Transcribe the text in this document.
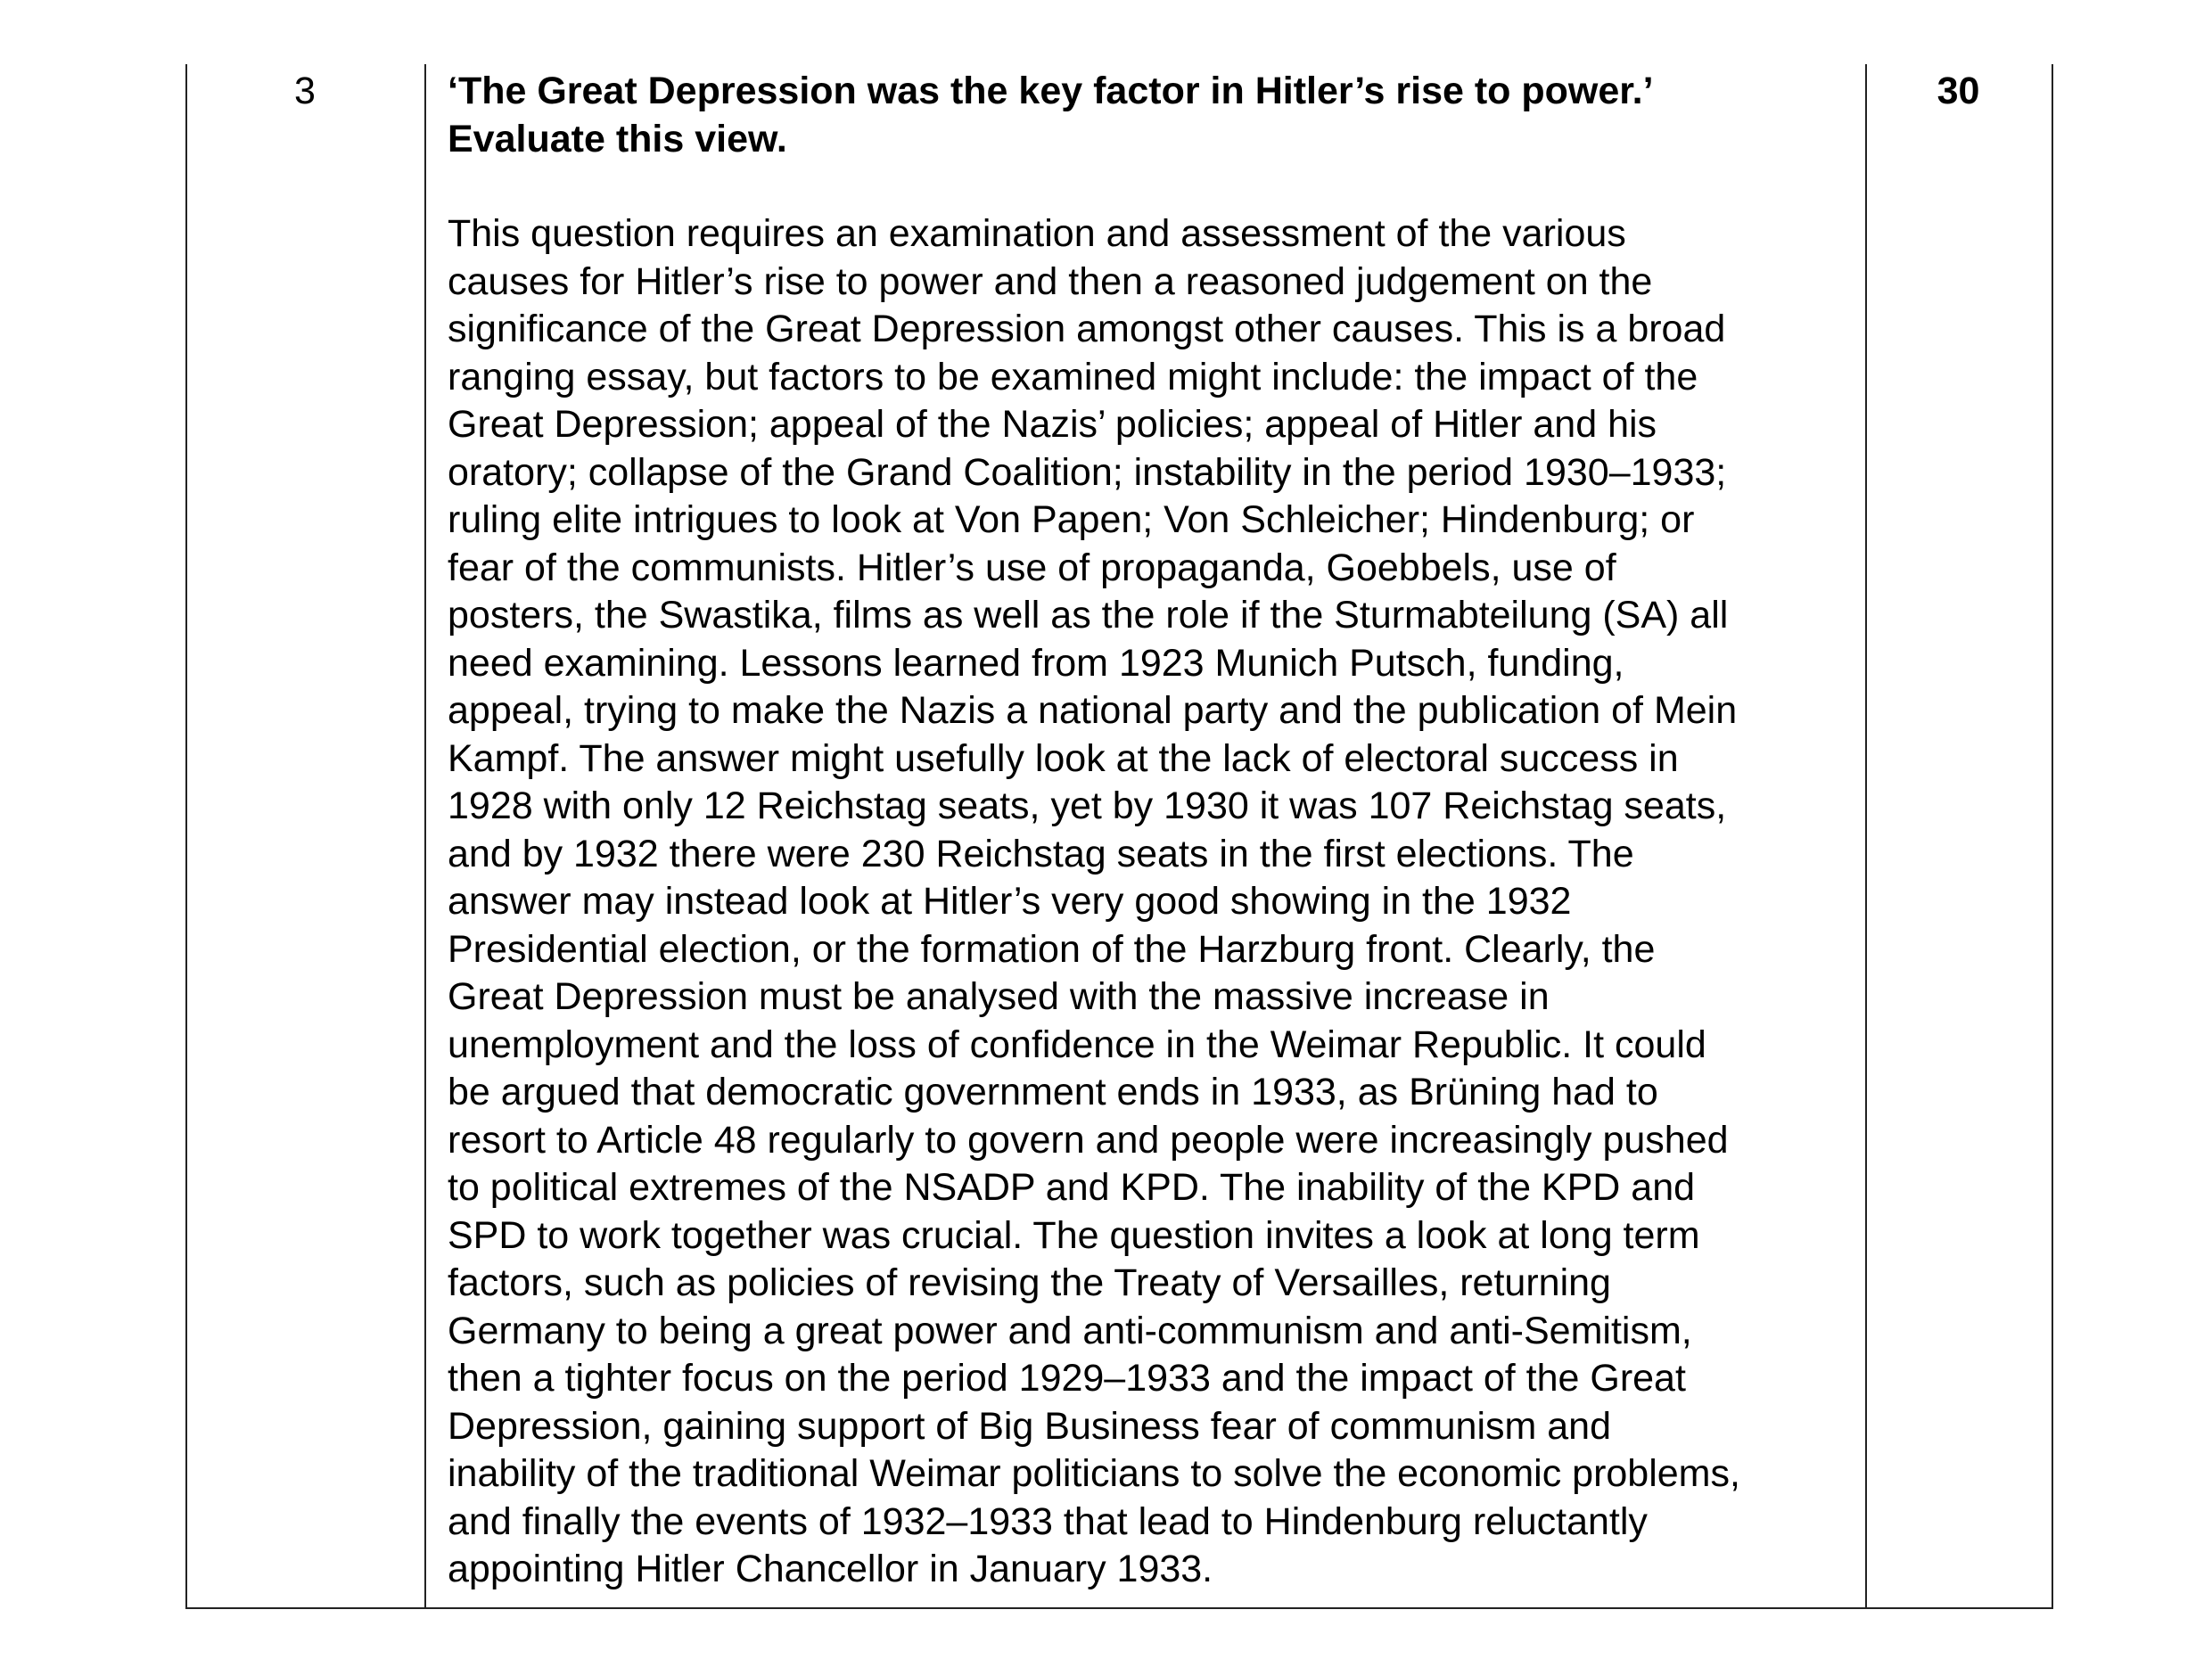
3	‘The Great Depression was the key factor in Hitler’s rise to power.’
Evaluate this view.
This question requires an examination and assessment of the various
causes for Hitler’s rise to power and then a reasoned judgement on the
significance of the Great Depression amongst other causes. This is a broad
ranging essay, but factors to be examined might include: the impact of the
Great Depression; appeal of the Nazis’ policies; appeal of Hitler and his
oratory; collapse of the Grand Coalition; instability in the period 1930–1933;
ruling elite intrigues to look at Von Papen; Von Schleicher; Hindenburg; or
fear of the communists. Hitler’s use of propaganda, Goebbels, use of
posters, the Swastika, films as well as the role if the Sturmabteilung (SA) all
need examining. Lessons learned from 1923 Munich Putsch, funding,
appeal, trying to make the Nazis a national party and the publication of Mein
Kampf. The answer might usefully look at the lack of electoral success in
1928 with only 12 Reichstag seats, yet by 1930 it was 107 Reichstag seats,
and by 1932 there were 230 Reichstag seats in the first elections. The
answer may instead look at Hitler’s very good showing in the 1932
Presidential election, or the formation of the Harzburg front. Clearly, the
Great Depression must be analysed with the massive increase in
unemployment and the loss of confidence in the Weimar Republic. It could
be argued that democratic government ends in 1933, as Brüning had to
resort to Article 48 regularly to govern and people were increasingly pushed
to political extremes of the NSADP and KPD. The inability of the KPD and
SPD to work together was crucial. The question invites a look at long term
factors, such as policies of revising the Treaty of Versailles, returning
Germany to being a great power and anti-communism and anti-Semitism,
then a tighter focus on the period 1929–1933 and the impact of the Great
Depression, gaining support of Big Business fear of communism and
inability of the traditional Weimar politicians to solve the economic problems,
and finally the events of 1932–1933 that lead to Hindenburg reluctantly
appointing Hitler Chancellor in January 1933.
30
